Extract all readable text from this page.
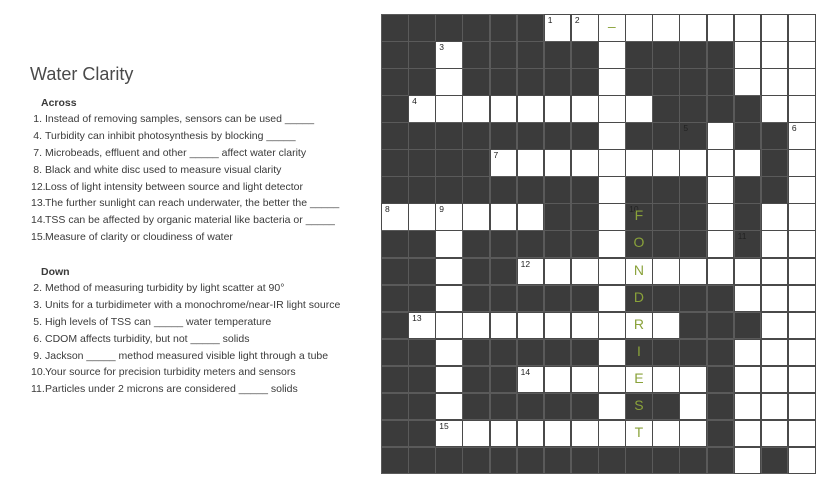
Water Clarity
Across
1. Instead of removing samples, sensors can be used _____
4. Turbidity can inhibit photosynthesis by blocking _____
7. Microbeads, effluent and other _____ affect water clarity
8. Black and white disc used to measure visual clarity
12.Loss of light intensity between source and light detector
13.The further sunlight can reach underwater, the better the _____
14.TSS can be affected by organic material like bacteria or _____
15.Measure of clarity or cloudiness of water
Down
2. Method of measuring turbidity by light scatter at 90°
3. Units for a turbidimeter with a monochrome/near-IR light source
5. High levels of TSS can _____ water temperature
6. CDOM affects turbidity, but not _____ solids
9. Jackson _____ method measured visible light through a tube
10.Your source for precision turbidity meters and sensors
11.Particles under 2 microns are considered _____ solids
1	2	–
3
4
5	6
7
8	9	10
F
O	11
12	N
D
13	R
I
14	E
S
15	T
